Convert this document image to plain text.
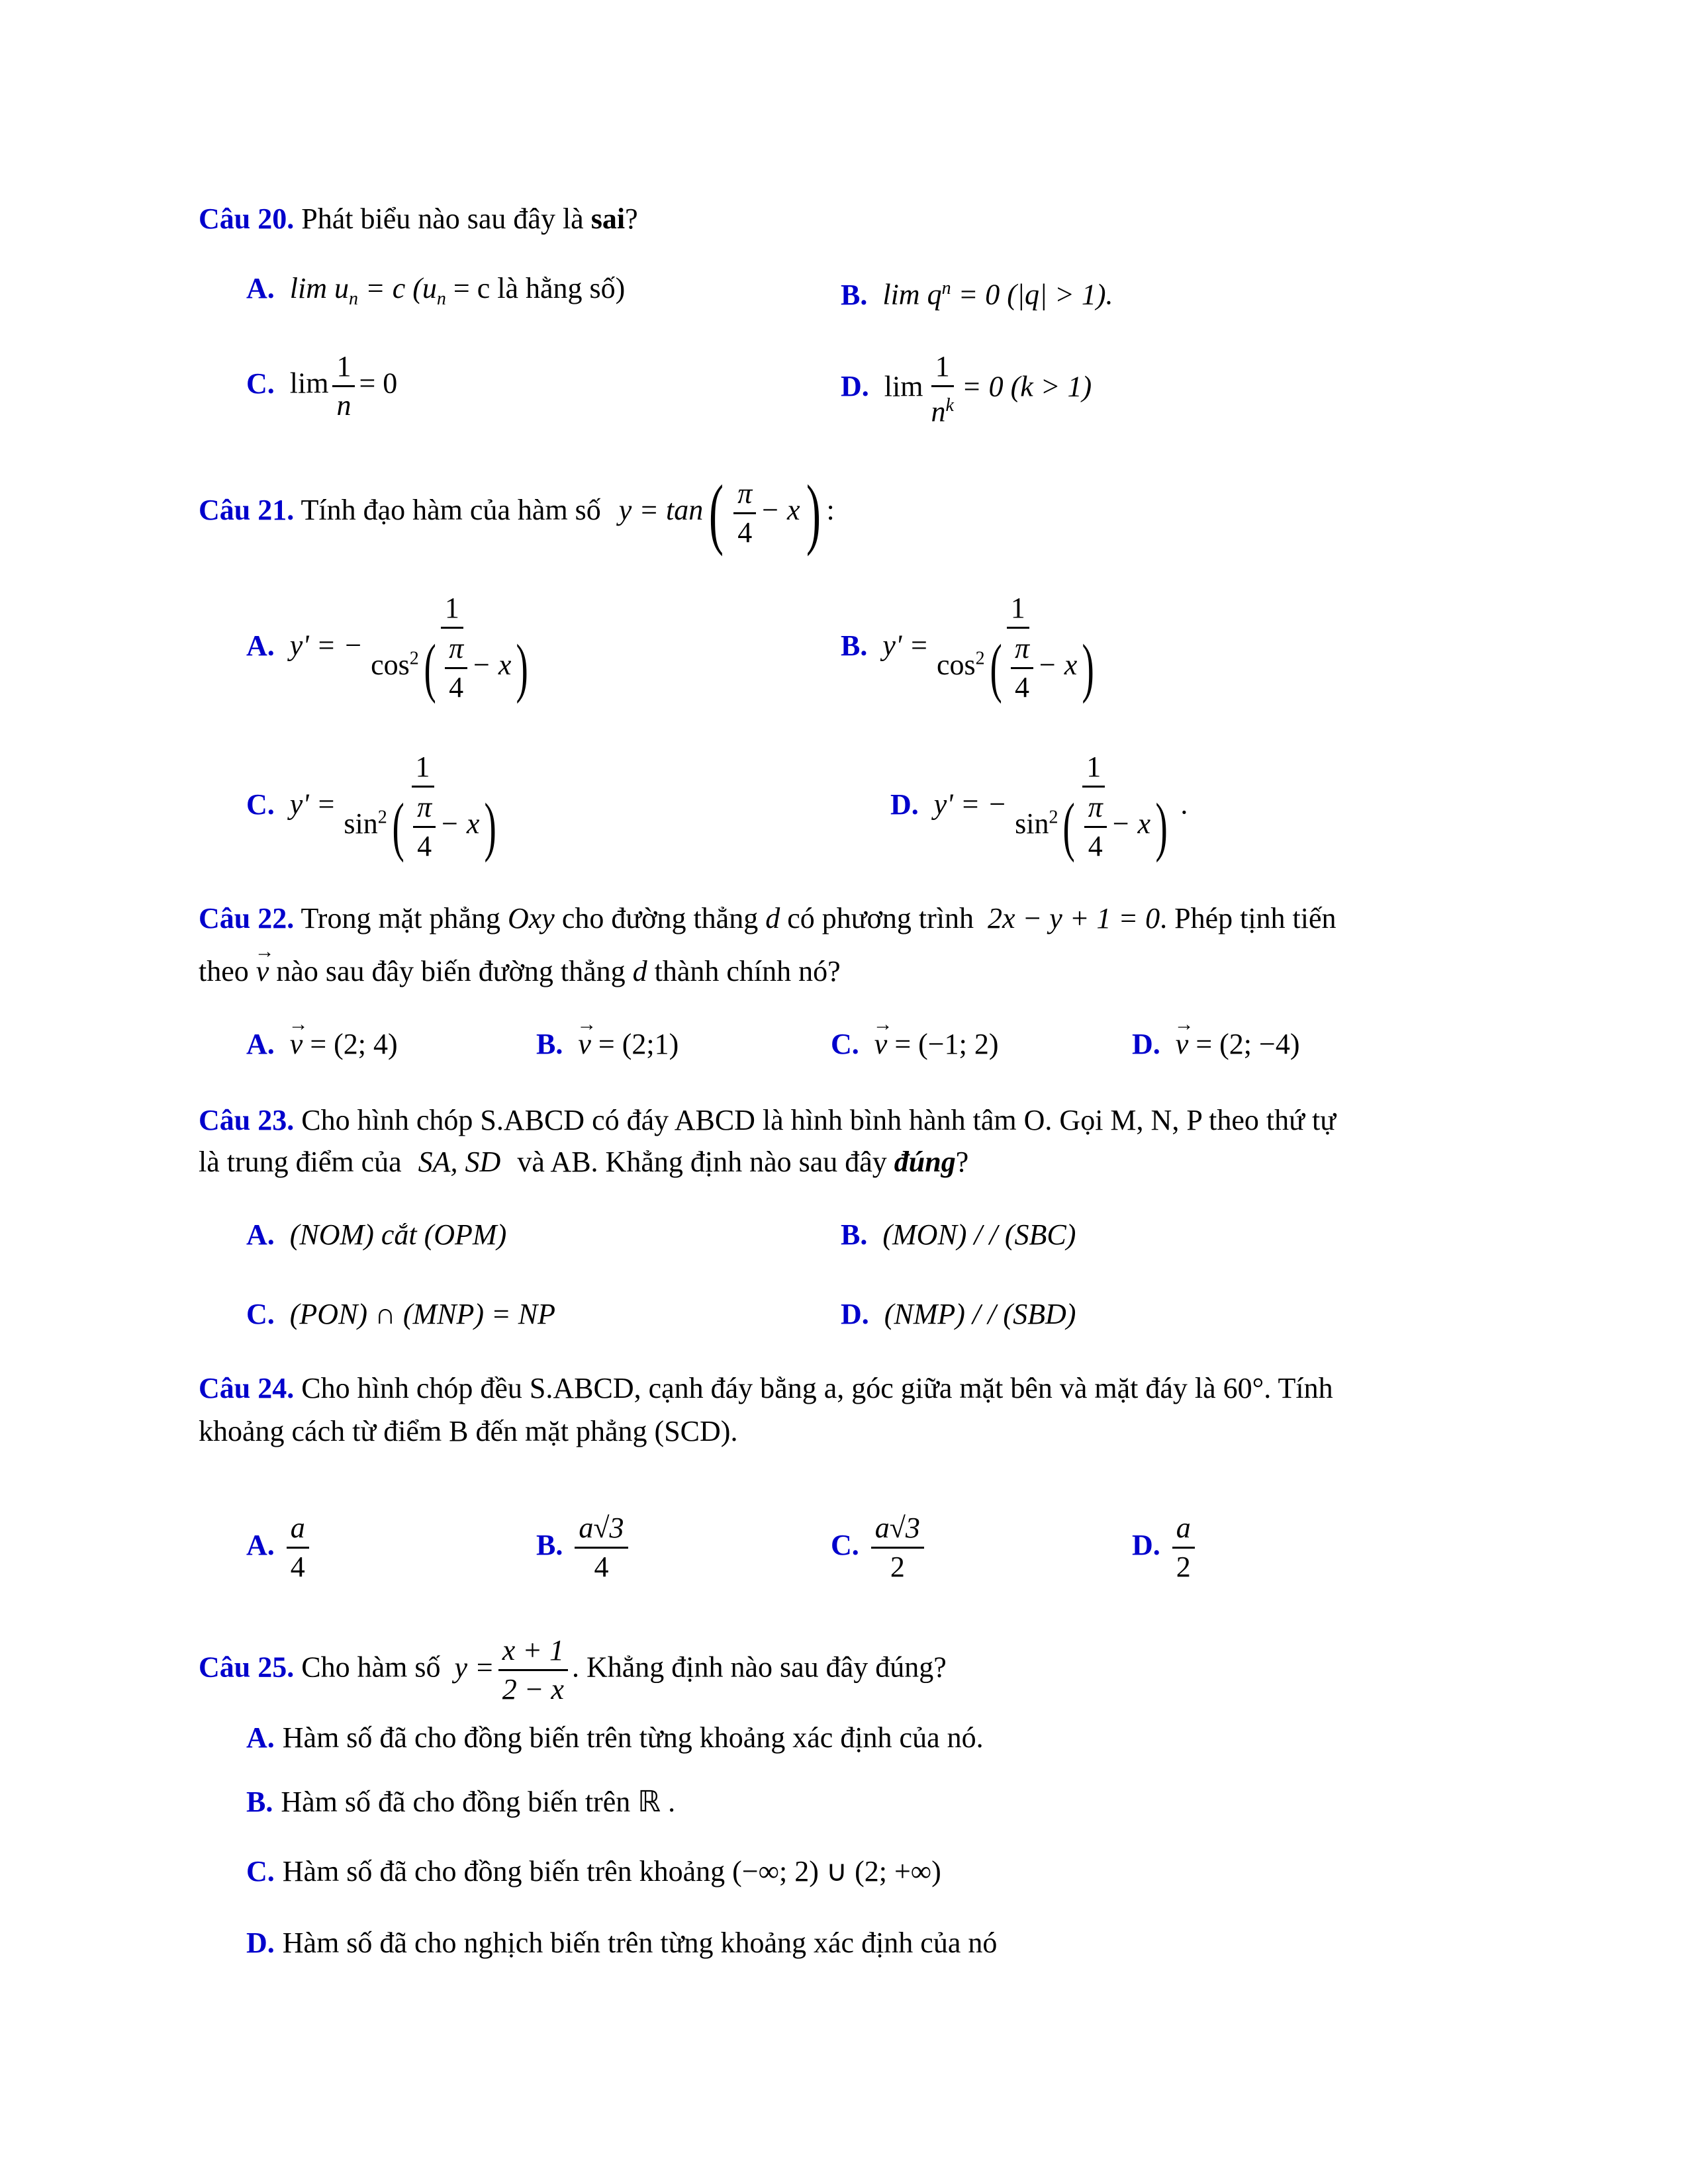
Câu 20. Phát biểu nào sau đây là sai?
A. $\lim u_n = c$ ($u_n = c$ là hằng số)	B. $\lim q^n = 0$ (|q| > 1).
C. $\lim \frac{1}{n} = 0$	D. $\lim \frac{1}{n^k} = 0$ (k > 1)
Câu 21. Tính đạo hàm của hàm số $y = \tan( \frac{\pi}{4} - x)$ :
A. y' = − $\frac{1}{\cos^2( \frac{\pi}{4} - x)}$	B. $y' = \frac{1}{\cos^2( \frac{\pi}{4} - x)}$
C. $y' = \frac{1}{\sin^2( \frac{\pi}{4} - x)}$	D. y' = − $\frac{1}{\sin^2( \frac{\pi}{4} - x)}$ .
Câu 22. Trong mặt phẳng Oxy cho đường thẳng d có phương trình 2x − y + 1 = 0. Phép tịnh tiến
theo → v nào sau đây biến đường thẳng d thành chính nó?
A. → v = (2; 4)	B. → v = (2;1)	C. → v = (−1; 2)	D. → v = (2; −4)
Câu 23. Cho hình chóp S.ABCD có đáy ABCD là hình bình hành tâm O. Gọi M, N, P theo thứ tự
là trung điểm của SA, SD và AB. Khẳng định nào sau đây đúng?
A. (NOM) cắt (OPM)	B. (MON) / / (SBC)
C. (PON) ∩ (MNP) = NP	D. (NMP) / / (SBD)
Câu 24. Cho hình chóp đều S.ABCD, cạnh đáy bằng a, góc giữa mặt bên và mặt đáy là 60°. Tính
khoảng cách từ điểm B đến mặt phẳng (SCD).
A. $\frac{a}{4}$	B. $\frac{a√3}{4}$	C. $\frac{a√3}{2}$	D. $\frac{a}{2}$
Câu 25. Cho hàm số $y = \frac{x + 1}{2 - x}$ . Khẳng định nào sau đây đúng?
A. Hàm số đã cho đồng biến trên từng khoảng xác định của nó.
B. Hàm số đã cho đồng biến trên ℝ .
C. Hàm số đã cho đồng biến trên khoảng (−∞; 2) ∪ (2; +∞)
D. Hàm số đã cho nghịch biến trên từng khoảng xác định của nó
